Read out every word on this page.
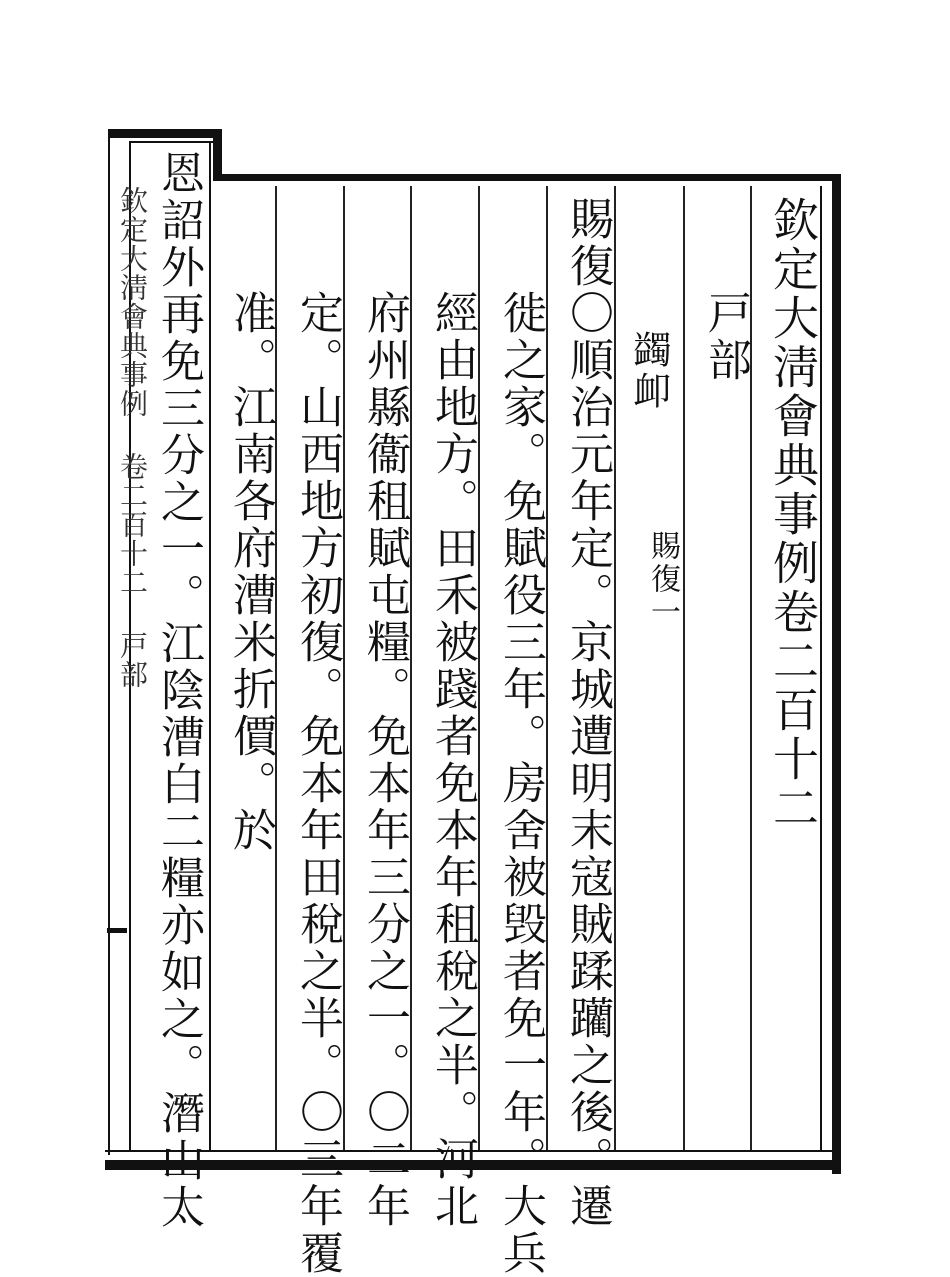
欽定大淸會典事例卷二百十二
戸部
蠲卹
賜復一
賜復〇順治元年定。京城遭明末寇賊蹂躪之後。遷
徙之家。免賦役三年。房舍被毁者免一年。大兵
經由地方。田禾被踐者免本年租稅之半。河北
府州縣衞租賦屯糧。免本年三分之一。〇二年
定。山西地方初復。免本年田稅之半。〇三年覆
准。江南各府漕米折價。於
恩詔外再免三分之一。江陰漕白二糧亦如之。潛山太
欽定大淸會典事例 卷二百十二 戸部
